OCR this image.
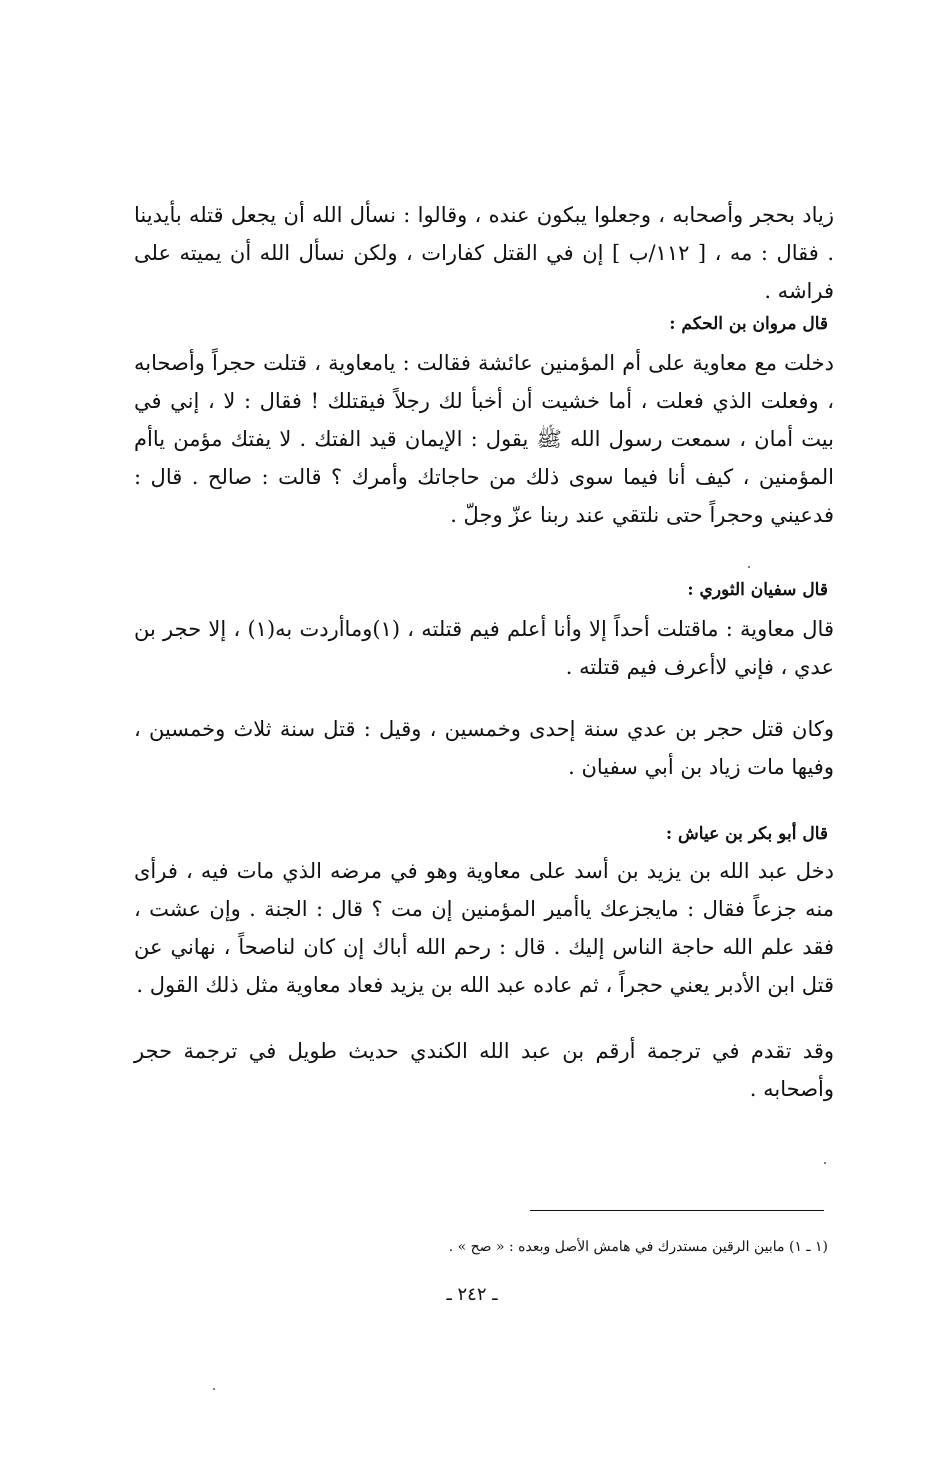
زياد بحجر وأصحابه ، وجعلوا يبكون عنده ، وقالوا : نسأل الله أن يجعل قتله بأيدينا . فقال : مه ، [ ١١٢/ب ] إن في القتل كفارات ، ولكن نسأل الله أن يميته على فراشه .

قال مروان بن الحكم :

دخلت مع معاوية على أم المؤمنين عائشة فقالت : يامعاوية ، قتلت حجراً وأصحابه ، وفعلت الذي فعلت ، أما خشيت أن أخبأ لك رجلاً فيقتلك ! فقال : لا ، إني في بيت أمان ، سمعت رسول الله ﷺ يقول : الإيمان قيد الفتك . لا يفتك مؤمن ياأم المؤمنين ، كيف أنا فيما سوى ذلك من حاجاتك وأمرك ؟ قالت : صالح . قال : فدعيني وحجراً حتى نلتقي عند ربنا عزّ وجلّ .

قال سفيان الثوري :

قال معاوية : ماقتلت أحداً إلا وأنا أعلم فيم قتلته ، (١)وماأردت به(١) ، إلا حجر بن عدي ، فإني لاأعرف فيم قتلته .

وكان قتل حجر بن عدي سنة إحدى وخمسين ، وقيل : قتل سنة ثلاث وخمسين ، وفيها مات زياد بن أبي سفيان .

قال أبو بكر بن عياش :

دخل عبد الله بن يزيد بن أسد على معاوية وهو في مرضه الذي مات فيه ، فرأى منه جزعاً فقال : مايجزعك ياأمير المؤمنين إن مت ؟ قال : الجنة . وإن عشت ، فقد علم الله حاجة الناس إليك . قال : رحم الله أباك إن كان لناصحاً ، نهاني عن قتل ابن الأدبر يعني حجراً ، ثم عاده عبد الله بن يزيد فعاد معاوية مثل ذلك القول .

وقد تقدم في ترجمة أرقم بن عبد الله الكندي حديث طويل في ترجمة حجر وأصحابه .

(١ ـ ١) مابين الرقين مستدرك في هامش الأصل وبعده : « صح » .
ـ ٢٤٢ ـ
